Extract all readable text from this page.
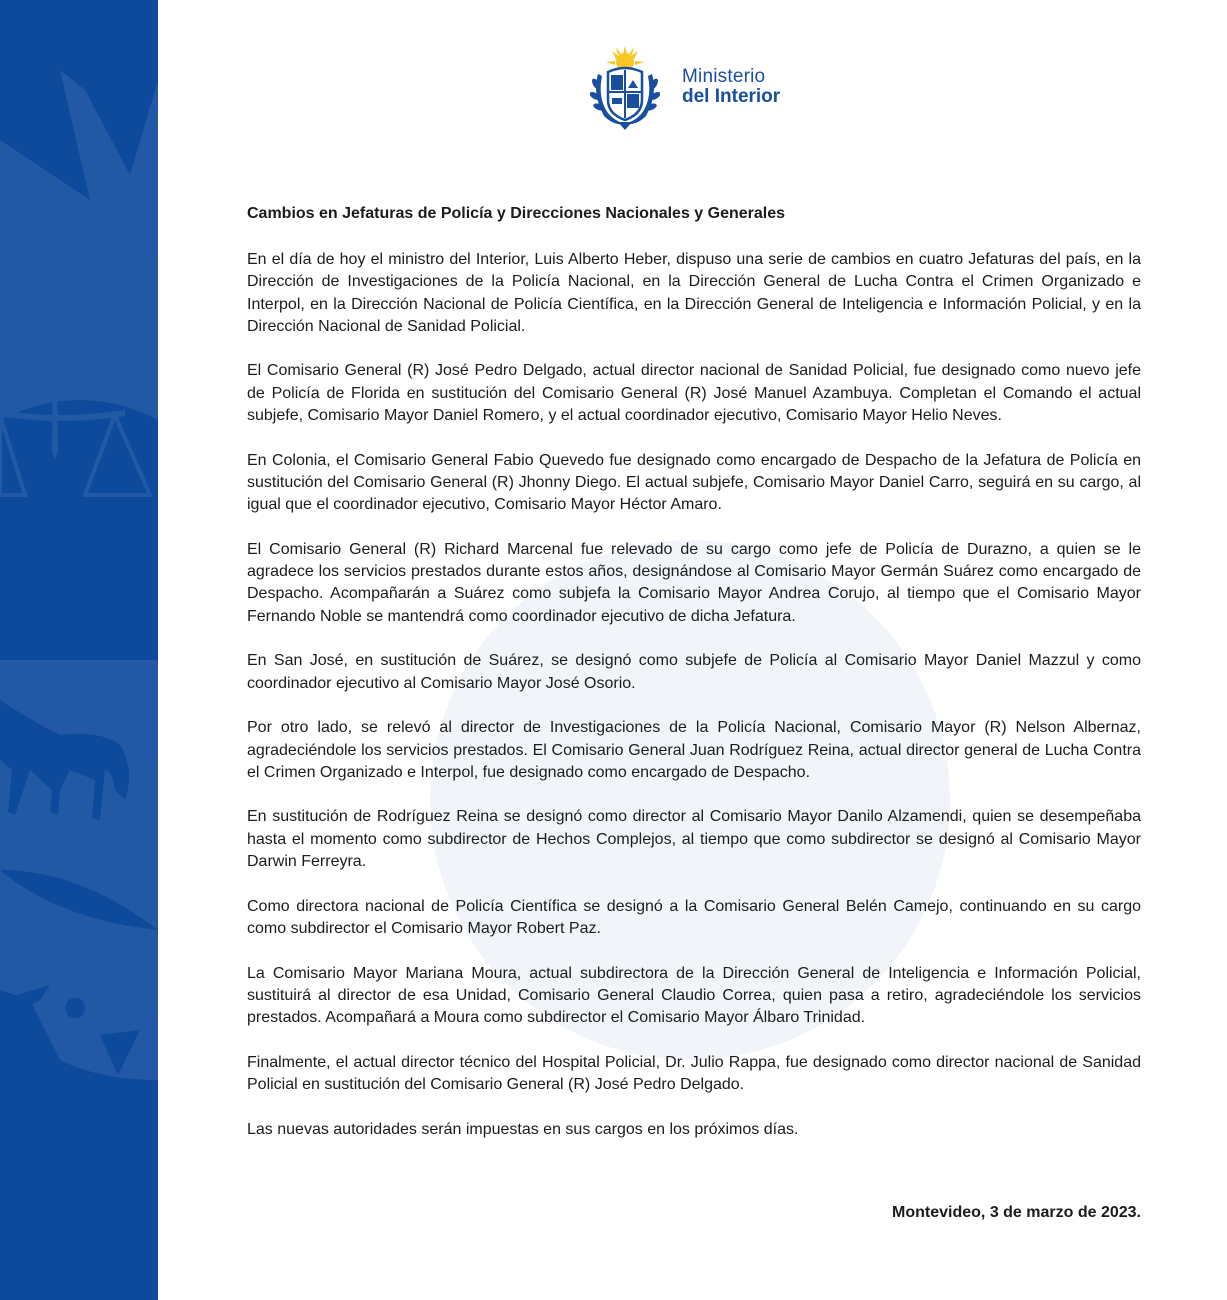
Ministerio
del Interior
Cambios en Jefaturas de Policía y Direcciones Nacionales y Generales

En el día de hoy el ministro del Interior, Luis Alberto Heber, dispuso una serie de cambios en cuatro Jefaturas del país, en la Dirección de Investigaciones de la Policía Nacional, en la Dirección General de Lucha Contra el Crimen Organizado e Interpol, en la Dirección Nacional de Policía Científica, en la Dirección General de Inteligencia e Información Policial, y en la Dirección Nacional de Sanidad Policial.

El Comisario General (R) José Pedro Delgado, actual director nacional de Sanidad Policial, fue designado como nuevo jefe de Policía de Florida en sustitución del Comisario General (R) José Manuel Azambuya. Completan el Comando el actual subjefe, Comisario Mayor Daniel Romero, y el actual coordinador ejecutivo, Comisario Mayor Helio Neves.

En Colonia, el Comisario General Fabio Quevedo fue designado como encargado de Despacho de la Jefatura de Policía en sustitución del Comisario General (R) Jhonny Diego. El actual subjefe, Comisario Mayor Daniel Carro, seguirá en su cargo, al igual que el coordinador ejecutivo, Comisario Mayor Héctor Amaro.

El Comisario General (R) Richard Marcenal fue relevado de su cargo como jefe de Policía de Durazno, a quien se le agradece los servicios prestados durante estos años, designándose al Comisario Mayor Germán Suárez como encargado de Despacho. Acompañarán a Suárez como subjefa la Comisario Mayor Andrea Corujo, al tiempo que el Comisario Mayor Fernando Noble se mantendrá como coordinador ejecutivo de dicha Jefatura.

En San José, en sustitución de Suárez, se designó como subjefe de Policía al Comisario Mayor Daniel Mazzul y como coordinador ejecutivo al Comisario Mayor José Osorio.

Por otro lado, se relevó al director de Investigaciones de la Policía Nacional, Comisario Mayor (R) Nelson Albernaz, agradeciéndole los servicios prestados. El Comisario General Juan Rodríguez Reina, actual director general de Lucha Contra el Crimen Organizado e Interpol, fue designado como encargado de Despacho.

En sustitución de Rodríguez Reina se designó como director al Comisario Mayor Danilo Alzamendi, quien se desempeñaba hasta el momento como subdirector de Hechos Complejos, al tiempo que como subdirector se designó al Comisario Mayor Darwin Ferreyra.

Como directora nacional de Policía Científica se designó a la Comisario General Belén Camejo, continuando en su cargo como subdirector el Comisario Mayor Robert Paz.

La Comisario Mayor Mariana Moura, actual subdirectora de la Dirección General de Inteligencia e Información Policial, sustituirá al director de esa Unidad, Comisario General Claudio Correa, quien pasa a retiro, agradeciéndole los servicios prestados. Acompañará a Moura como subdirector el Comisario Mayor Álbaro Trinidad.

Finalmente, el actual director técnico del Hospital Policial, Dr. Julio Rappa, fue designado como director nacional de Sanidad Policial en sustitución del Comisario General (R) José Pedro Delgado.

Las nuevas autoridades serán impuestas en sus cargos en los próximos días.

Montevideo, 3 de marzo de 2023.
